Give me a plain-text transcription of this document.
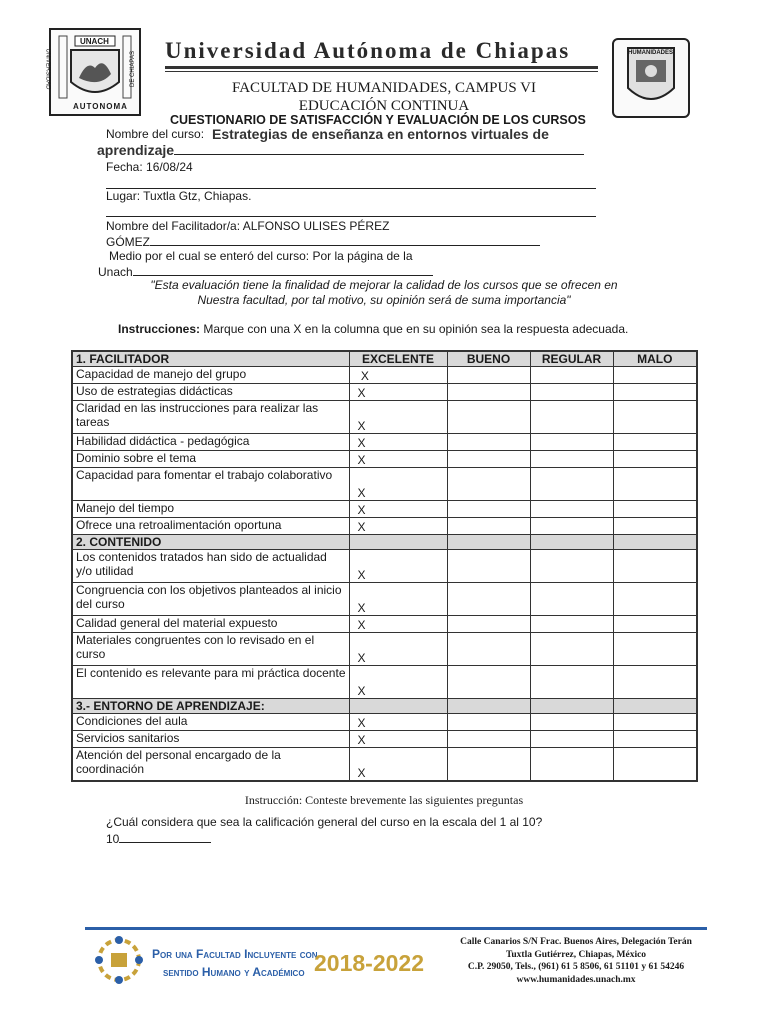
UNACH
UNIVERSIDAD	DE CHIAPAS
AUTONOMA
Universidad Autónoma de Chiapas	HUMANIDADES
FACULTAD DE HUMANIDADES, CAMPUS VI
EDUCACIÓN CONTINUA
Nombre del curso:
CUESTIONARIO DE SATISFACCIÓN Y EVALUACIÓN DE LOS CURSOS
Estrategias de enseñanza en entornos virtuales de
aprendizaje
Fecha: 16/08/24
Lugar: Tuxtla Gtz, Chiapas.
Nombre del Facilitador/a: ALFONSO ULISES PÉREZ
GÓMEZ
Medio por el cual se enteró del curso: Por la página de la
Unach
"Esta evaluación tiene la finalidad de mejorar la calidad de los cursos que se ofrecen en
Nuestra facultad, por tal motivo, su opinión será de suma importancia"
Instrucciones: Marque con una X en la columna que en su opinión sea la respuesta adecuada.
1. FACILITADOR	EXCELENTE	BUENO	REGULAR	MALO
Capacidad de manejo del grupo	X			
Uso de estrategias didácticas	X			
Claridad en las instrucciones para realizar las tareas	X			
Habilidad didáctica - pedagógica	X			
Dominio sobre el tema	X			
Capacidad para fomentar el trabajo colaborativo	X			
Manejo del tiempo	X			
Ofrece una retroalimentación oportuna	X			
2. CONTENIDO				
Los contenidos tratados han sido de actualidad y/o utilidad	X			
Congruencia con los objetivos planteados al inicio del curso	X			
Calidad general del material expuesto	X			
Materiales congruentes con lo revisado en el curso	X			
El contenido es relevante para mi práctica docente	X			
3.- ENTORNO DE APRENDIZAJE:				
Condiciones del aula	X			
Servicios sanitarios	X			
Atención del personal encargado de la coordinación	X			
Instrucción: Conteste brevemente las siguientes preguntas
¿Cuál considera que sea la calificación general del curso en la escala del 1 al 10?
10
Por una Facultad Incluyente con
sentido Humano y Académico 2018-2022
Calle Canarios S/N Frac. Buenos Aires, Delegación Terán
Tuxtla Gutiérrez, Chiapas, México
C.P. 29050, Tels., (961) 61 5 8506, 61 51101 y 61 54246
www.humanidades.unach.mx
